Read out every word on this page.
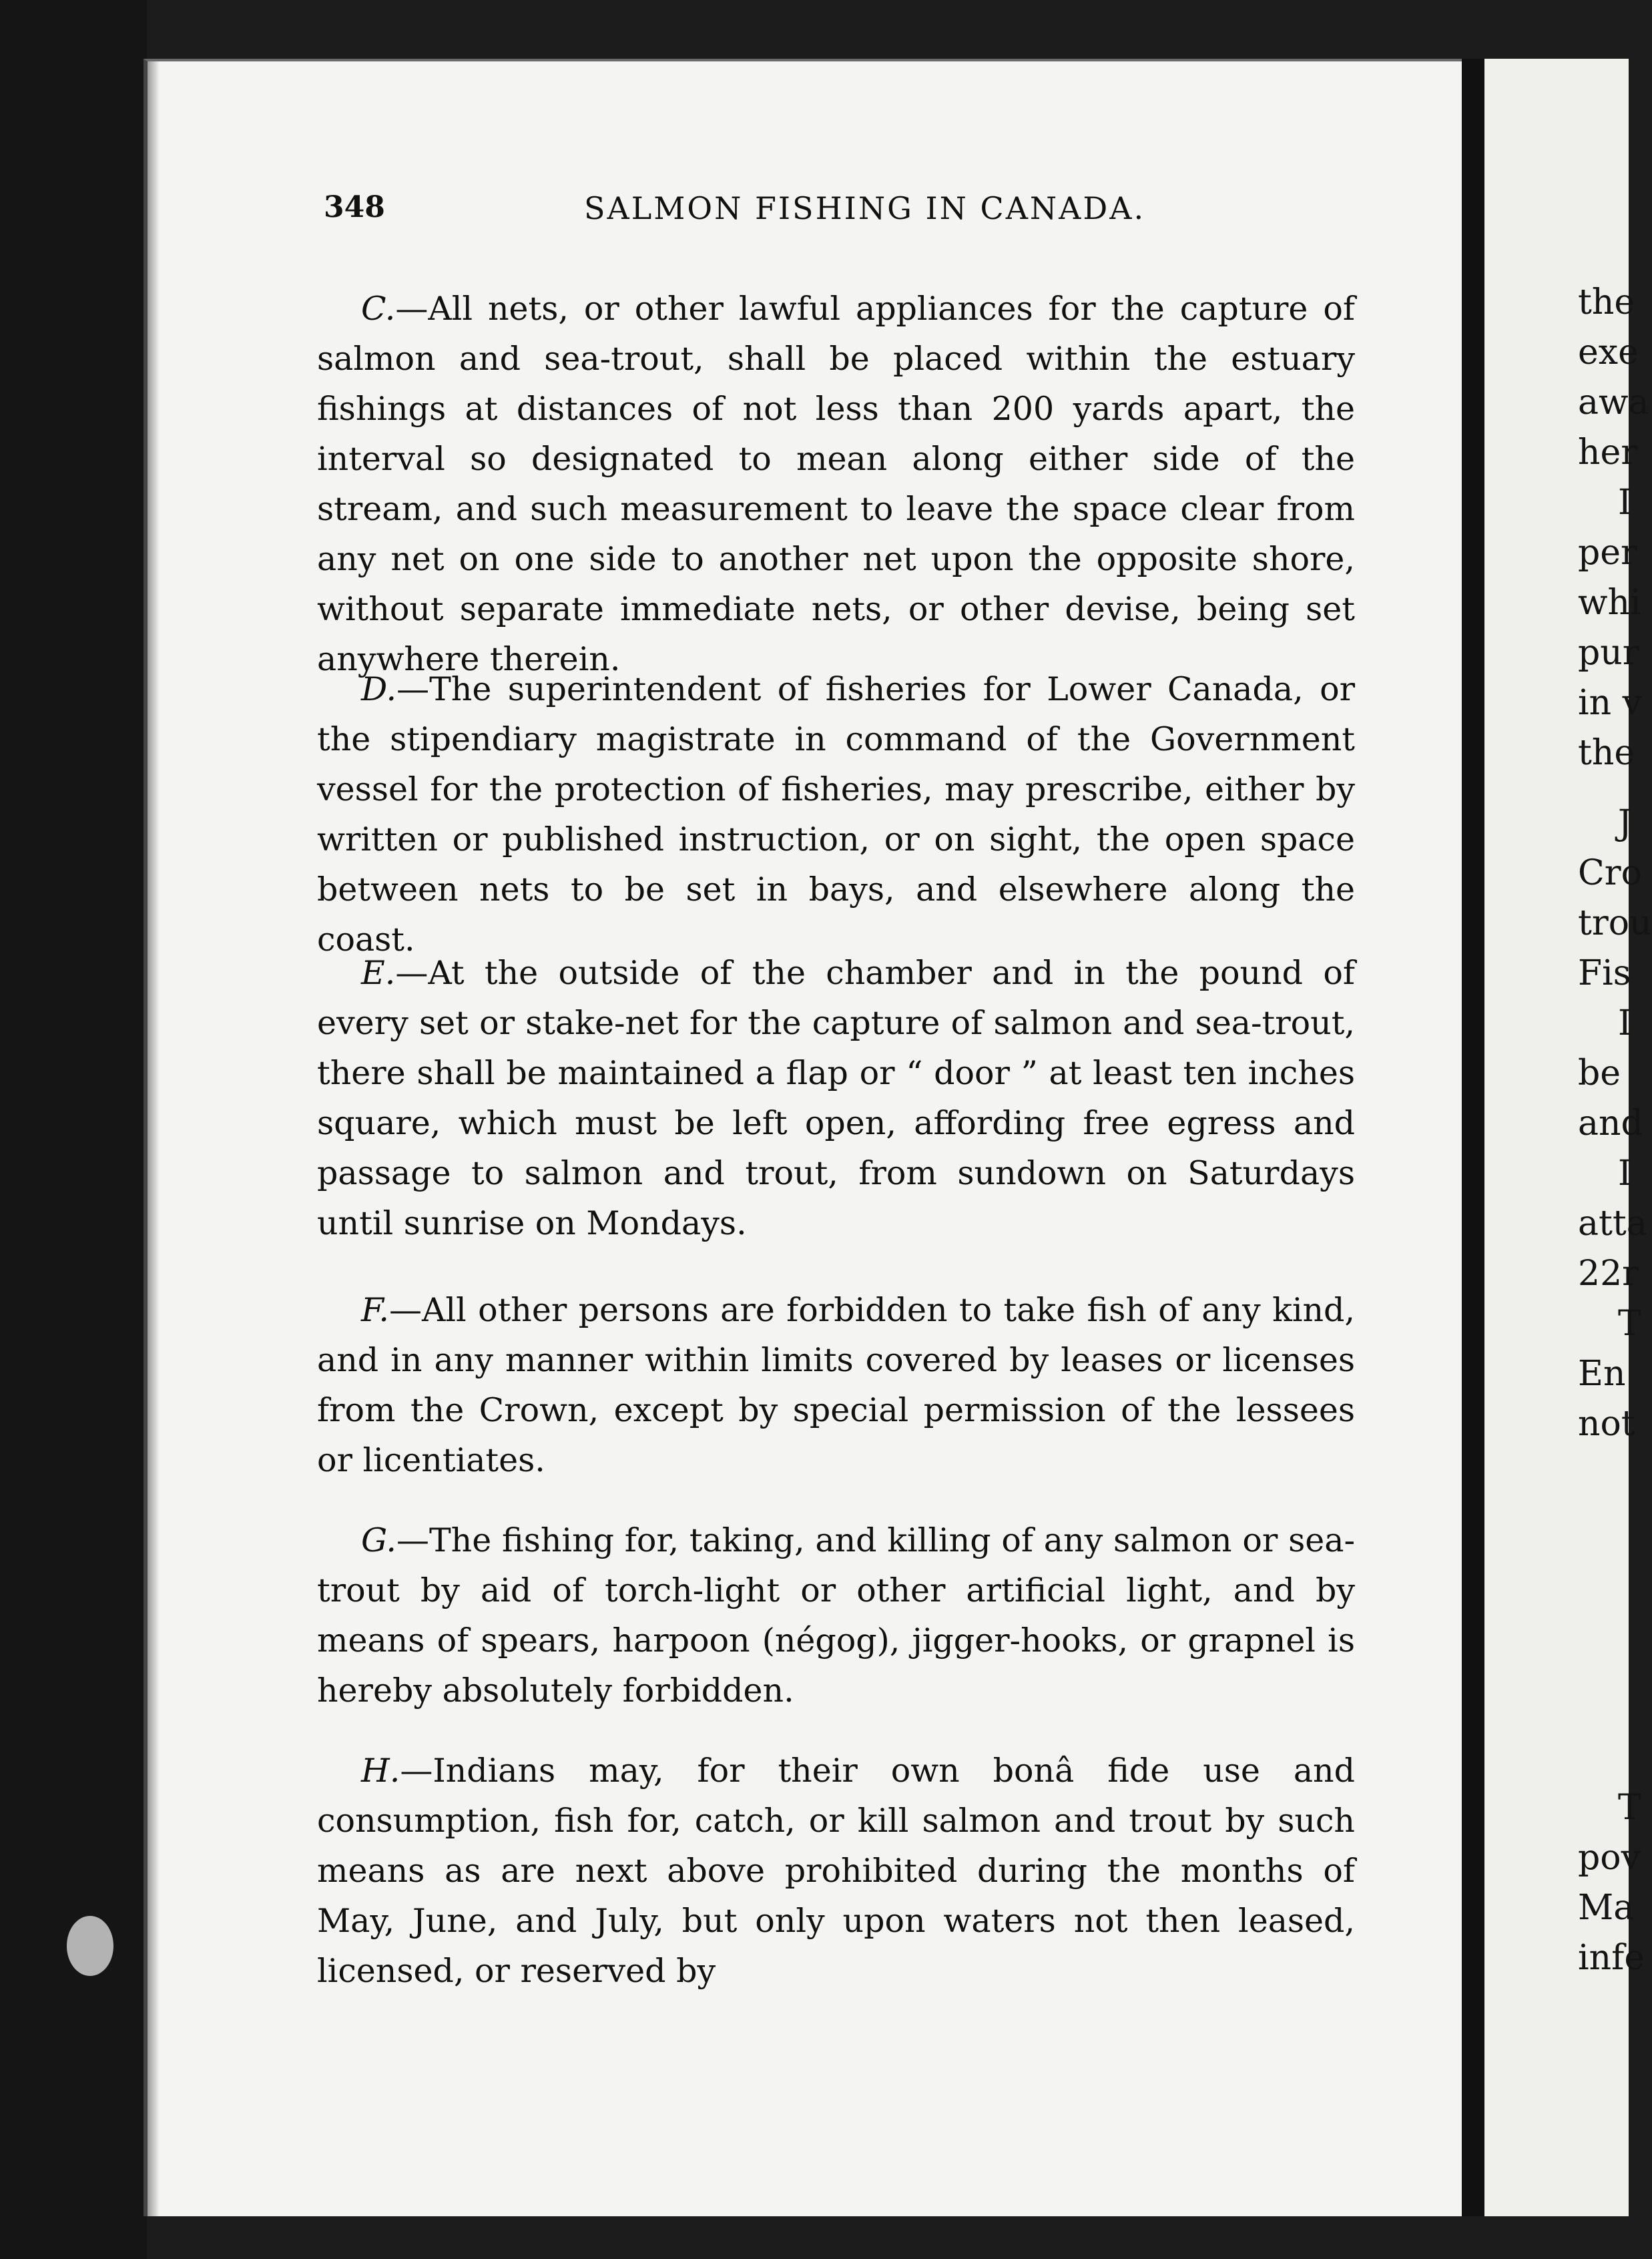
the
exe
awa
her
I
per
whi
pur
in v
the
J
Cro
trou
Fis
I
be
and
I
atta
22r
T
En
not
T
pov
Ma
infe
348	SALMON FISHING IN CANADA.

C.—All nets, or other lawful appliances for the capture of salmon and sea-trout, shall be placed within the estuary fishings at distances of not less than 200 yards apart, the interval so designated to mean along either side of the stream, and such measurement to leave the space clear from any net on one side to another net upon the opposite shore, without separate immediate nets, or other devise, being set anywhere therein.

D.—The superintendent of fisheries for Lower Canada, or the stipendiary magistrate in command of the Government vessel for the protection of fisheries, may prescribe, either by written or published instruction, or on sight, the open space between nets to be set in bays, and elsewhere along the coast.

E.—At the outside of the chamber and in the pound of every set or stake-net for the capture of salmon and sea-trout, there shall be maintained a flap or “ door ” at least ten inches square, which must be left open, affording free egress and passage to salmon and trout, from sundown on Saturdays until sunrise on Mondays.

F.—All other persons are forbidden to take fish of any kind, and in any manner within limits covered by leases or licenses from the Crown, except by special permission of the lessees or licentiates.

G.—The fishing for, taking, and killing of any salmon or sea-trout by aid of torch-light or other artificial light, and by means of spears, harpoon (négog), jigger-hooks, or grapnel is hereby absolutely forbidden.

H.—Indians may, for their own bonâ fide use and consumption, fish for, catch, or kill salmon and trout by such means as are next above prohibited during the months of May, June, and July, but only upon waters not then leased, licensed, or reserved by
